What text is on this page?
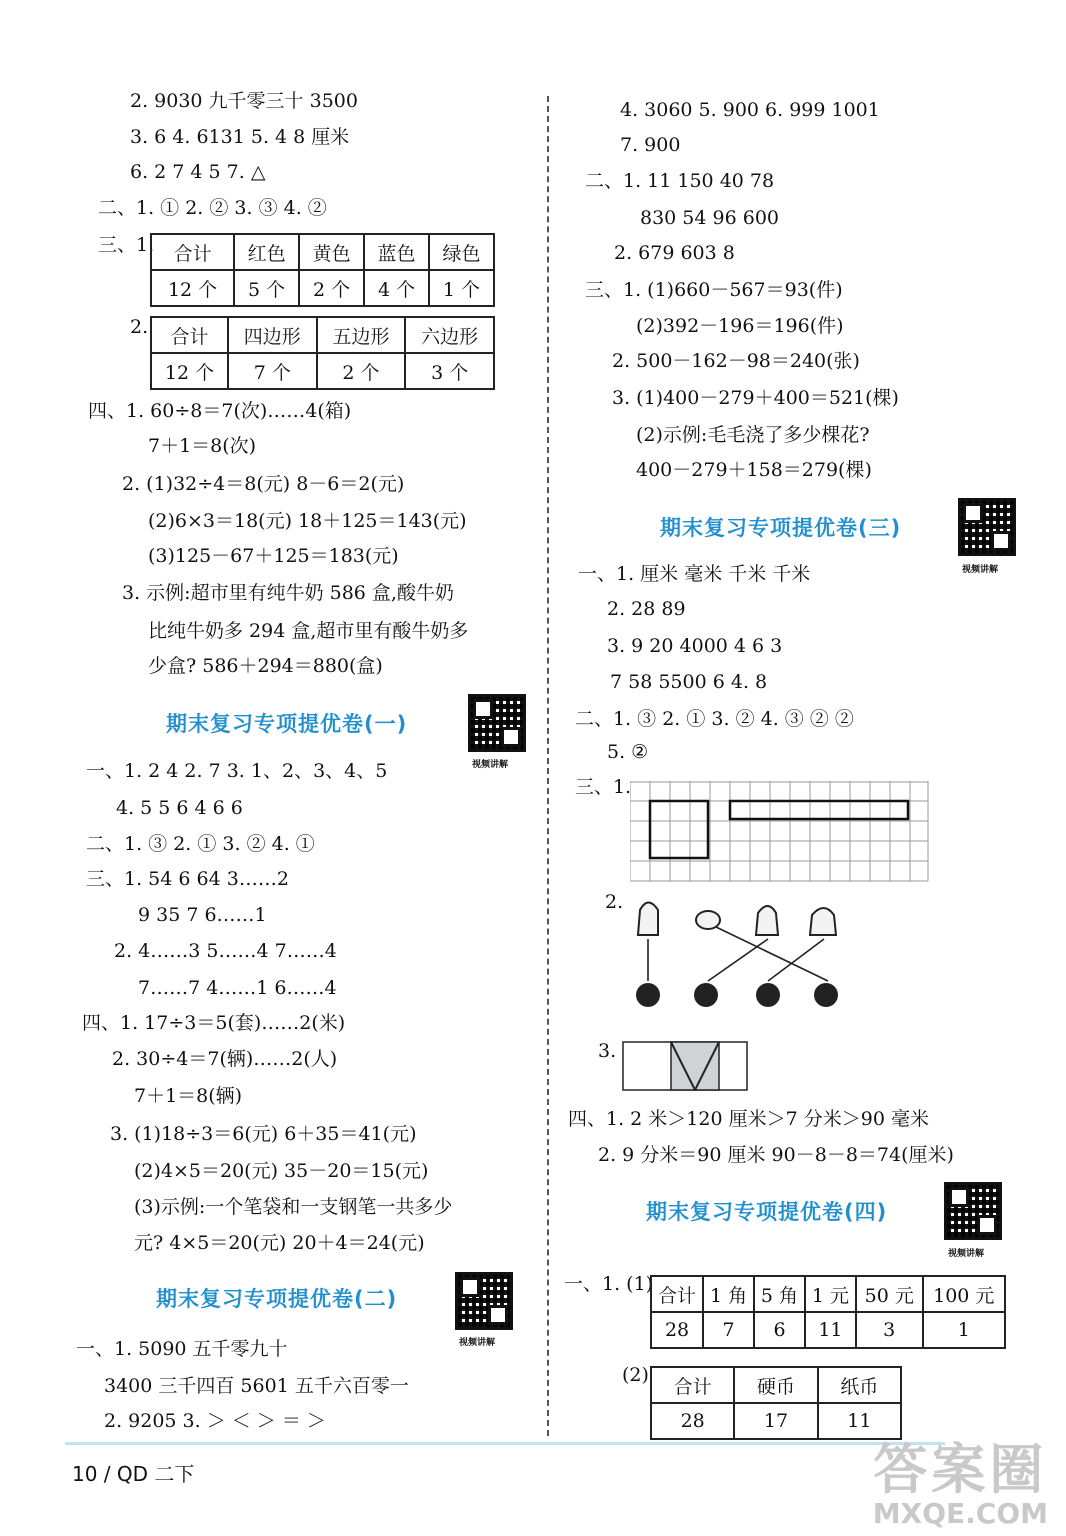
2. 9030 九千零三十 3500
3. 6 4. 6131 5. 4 8 厘米
6. 2 7 4 5 7. △
二、1. ① 2. ② 3. ③ 4. ②
三、1. 合计	红色	黄色	蓝色	绿色
12 个	5 个	2 个	4 个	1 个
2. 合计	四边形	五边形	六边形
12 个	7 个	2 个	3 个
四、1. 60÷8＝7(次)……4(箱)
7＋1＝8(次)
2. (1)32÷4＝8(元) 8－6＝2(元)
(2)6×3＝18(元) 18＋125＝143(元)
(3)125－67＋125＝183(元)
3. 示例:超市里有纯牛奶 586 盒,酸牛奶
比纯牛奶多 294 盒,超市里有酸牛奶多
少盒? 586＋294＝880(盒)
期末复习专项提优卷(一)
视频讲解
一、1. 2 4 2. 7 3. 1、2、3、4、5
4. 5 5 6 4 6 6
二、1. ③ 2. ① 3. ② 4. ①
三、1. 54 6 64 3……2
9 35 7 6……1
2. 4……3 5……4 7……4
7……7 4……1 6……4
四、1. 17÷3＝5(套)……2(米)
2. 30÷4＝7(辆)……2(人)
7＋1＝8(辆)
3. (1)18÷3＝6(元) 6＋35＝41(元)
(2)4×5＝20(元) 35－20＝15(元)
(3)示例:一个笔袋和一支钢笔一共多少
元? 4×5＝20(元) 20＋4＝24(元)
期末复习专项提优卷(二)
视频讲解
一、1. 5090 五千零九十
3400 三千四百 5601 五千六百零一
2. 9205 3. ＞ ＜ ＞ ＝ ＞
4. 3060 5. 900 6. 999 1001
7. 900
二、1. 11 150 40 78
830 54 96 600
2. 679 603 8
三、1. (1)660－567＝93(件)
(2)392－196＝196(件)
2. 500－162－98＝240(张)
3. (1)400－279＋400＝521(棵)
(2)示例:毛毛浇了多少棵花?
400－279＋158＝279(棵)
期末复习专项提优卷(三)
视频讲解
一、1. 厘米 毫米 千米 千米
2. 28 89
3. 9 20 4000 4 6 3
7 58 5500 6 4. 8
二、1. ③ 2. ① 3. ② 4. ③ ② ②
5. ②
三、1.
2.
3.
四、1. 2 米＞120 厘米＞7 分米＞90 毫米
2. 9 分米＝90 厘米 90－8－8＝74(厘米)
期末复习专项提优卷(四)
视频讲解
一、1. (1)
合计	1 角	5 角	1 元	50 元	100 元
28	7	6	11	3	1
(2)
合计	硬币	纸币
28	17	11
10 / QD 二下	答案圈
MXQE.COM
